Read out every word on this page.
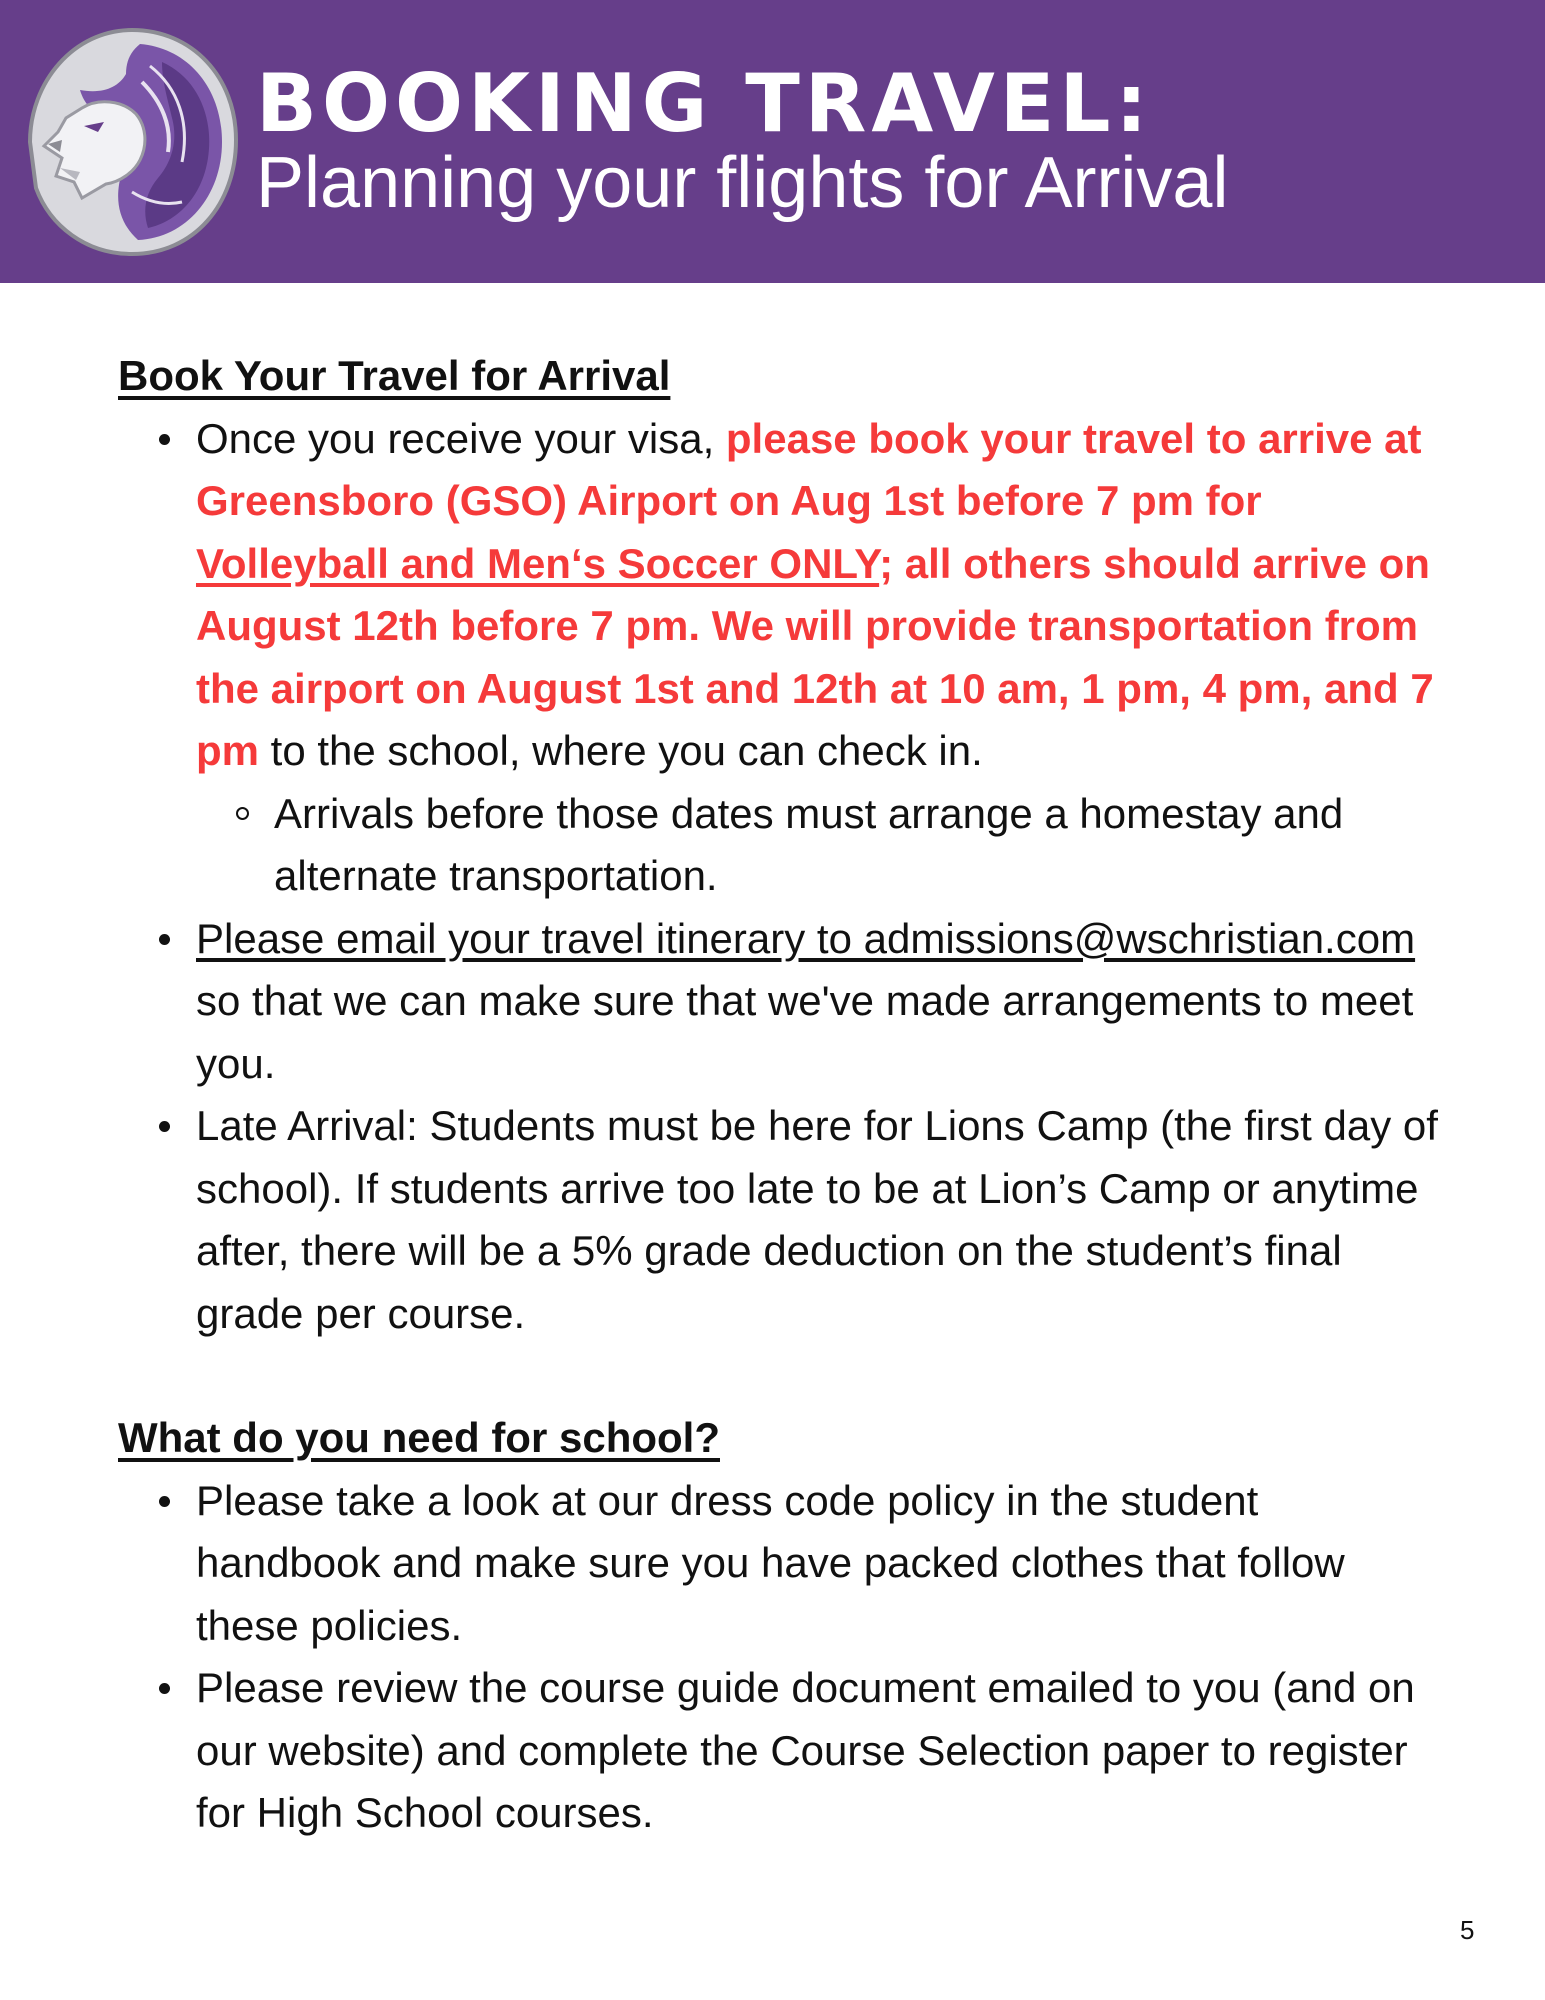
BOOKING TRAVEL:
Planning your flights for Arrival
Book Your Travel for Arrival
Once you receive your visa, please book your travel to arrive at Greensboro (GSO) Airport on Aug 1st before 7 pm for Volleyball and Men‘s Soccer ONLY; all others should arrive on August 12th before 7 pm. We will provide transportation from the airport on August 1st and 12th at 10 am, 1 pm, 4 pm, and 7 pm to the school, where you can check in.
Arrivals before those dates must arrange a homestay and alternate transportation.
Please email your travel itinerary to admissions@wschristian.com so that we can make sure that we've made arrangements to meet you.
Late Arrival: Students must be here for Lions Camp (the first day of school). If students arrive too late to be at Lion’s Camp or anytime after, there will be a 5% grade deduction on the student’s final grade per course.
What do you need for school?
Please take a look at our dress code policy in the student handbook and make sure you have packed clothes that follow these policies.
Please review the course guide document emailed to you (and on our website) and complete the Course Selection paper to register for High School courses.
5
